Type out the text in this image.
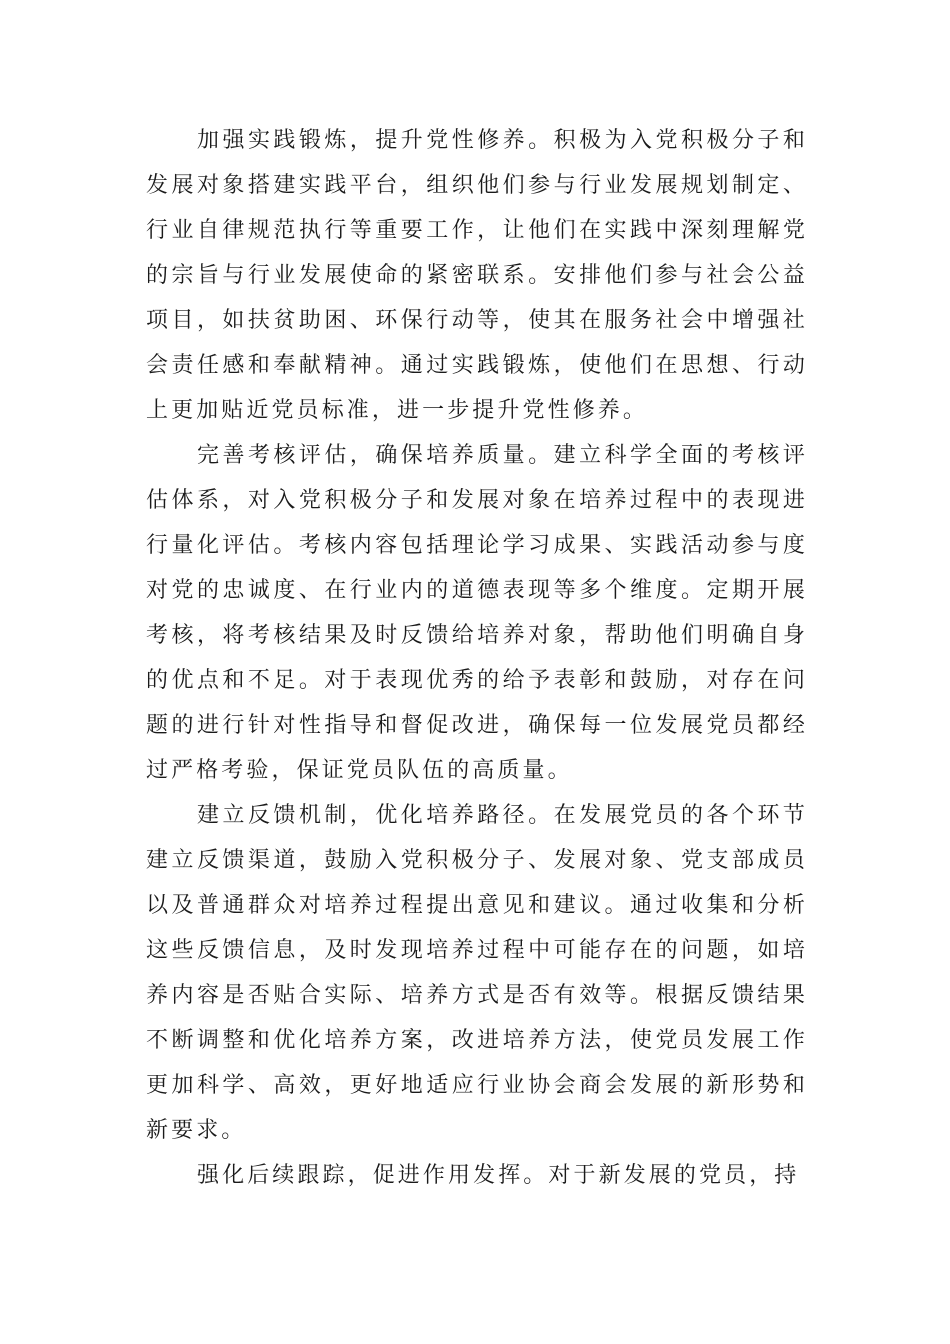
加强实践锻炼，提升党性修养。积极为入党积极分子和发展对象搭建实践平台，组织他们参与行业发展规划制定、行业自律规范执行等重要工作，让他们在实践中深刻理解党的宗旨与行业发展使命的紧密联系。安排他们参与社会公益项目，如扶贫助困、环保行动等，使其在服务社会中增强社会责任感和奉献精神。通过实践锻炼，使他们在思想、行动上更加贴近党员标准，进一步提升党性修养。

完善考核评估，确保培养质量。建立科学全面的考核评估体系，对入党积极分子和发展对象在培养过程中的表现进行量化评估。考核内容包括理论学习成果、实践活动参与度对党的忠诚度、在行业内的道德表现等多个维度。定期开展考核，将考核结果及时反馈给培养对象，帮助他们明确自身的优点和不足。对于表现优秀的给予表彰和鼓励，对存在问题的进行针对性指导和督促改进，确保每一位发展党员都经过严格考验，保证党员队伍的高质量。

建立反馈机制，优化培养路径。在发展党员的各个环节建立反馈渠道，鼓励入党积极分子、发展对象、党支部成员以及普通群众对培养过程提出意见和建议。通过收集和分析这些反馈信息，及时发现培养过程中可能存在的问题，如培养内容是否贴合实际、培养方式是否有效等。根据反馈结果不断调整和优化培养方案，改进培养方法，使党员发展工作更加科学、高效，更好地适应行业协会商会发展的新形势和新要求。

强化后续跟踪，促进作用发挥。对于新发展的党员，持
